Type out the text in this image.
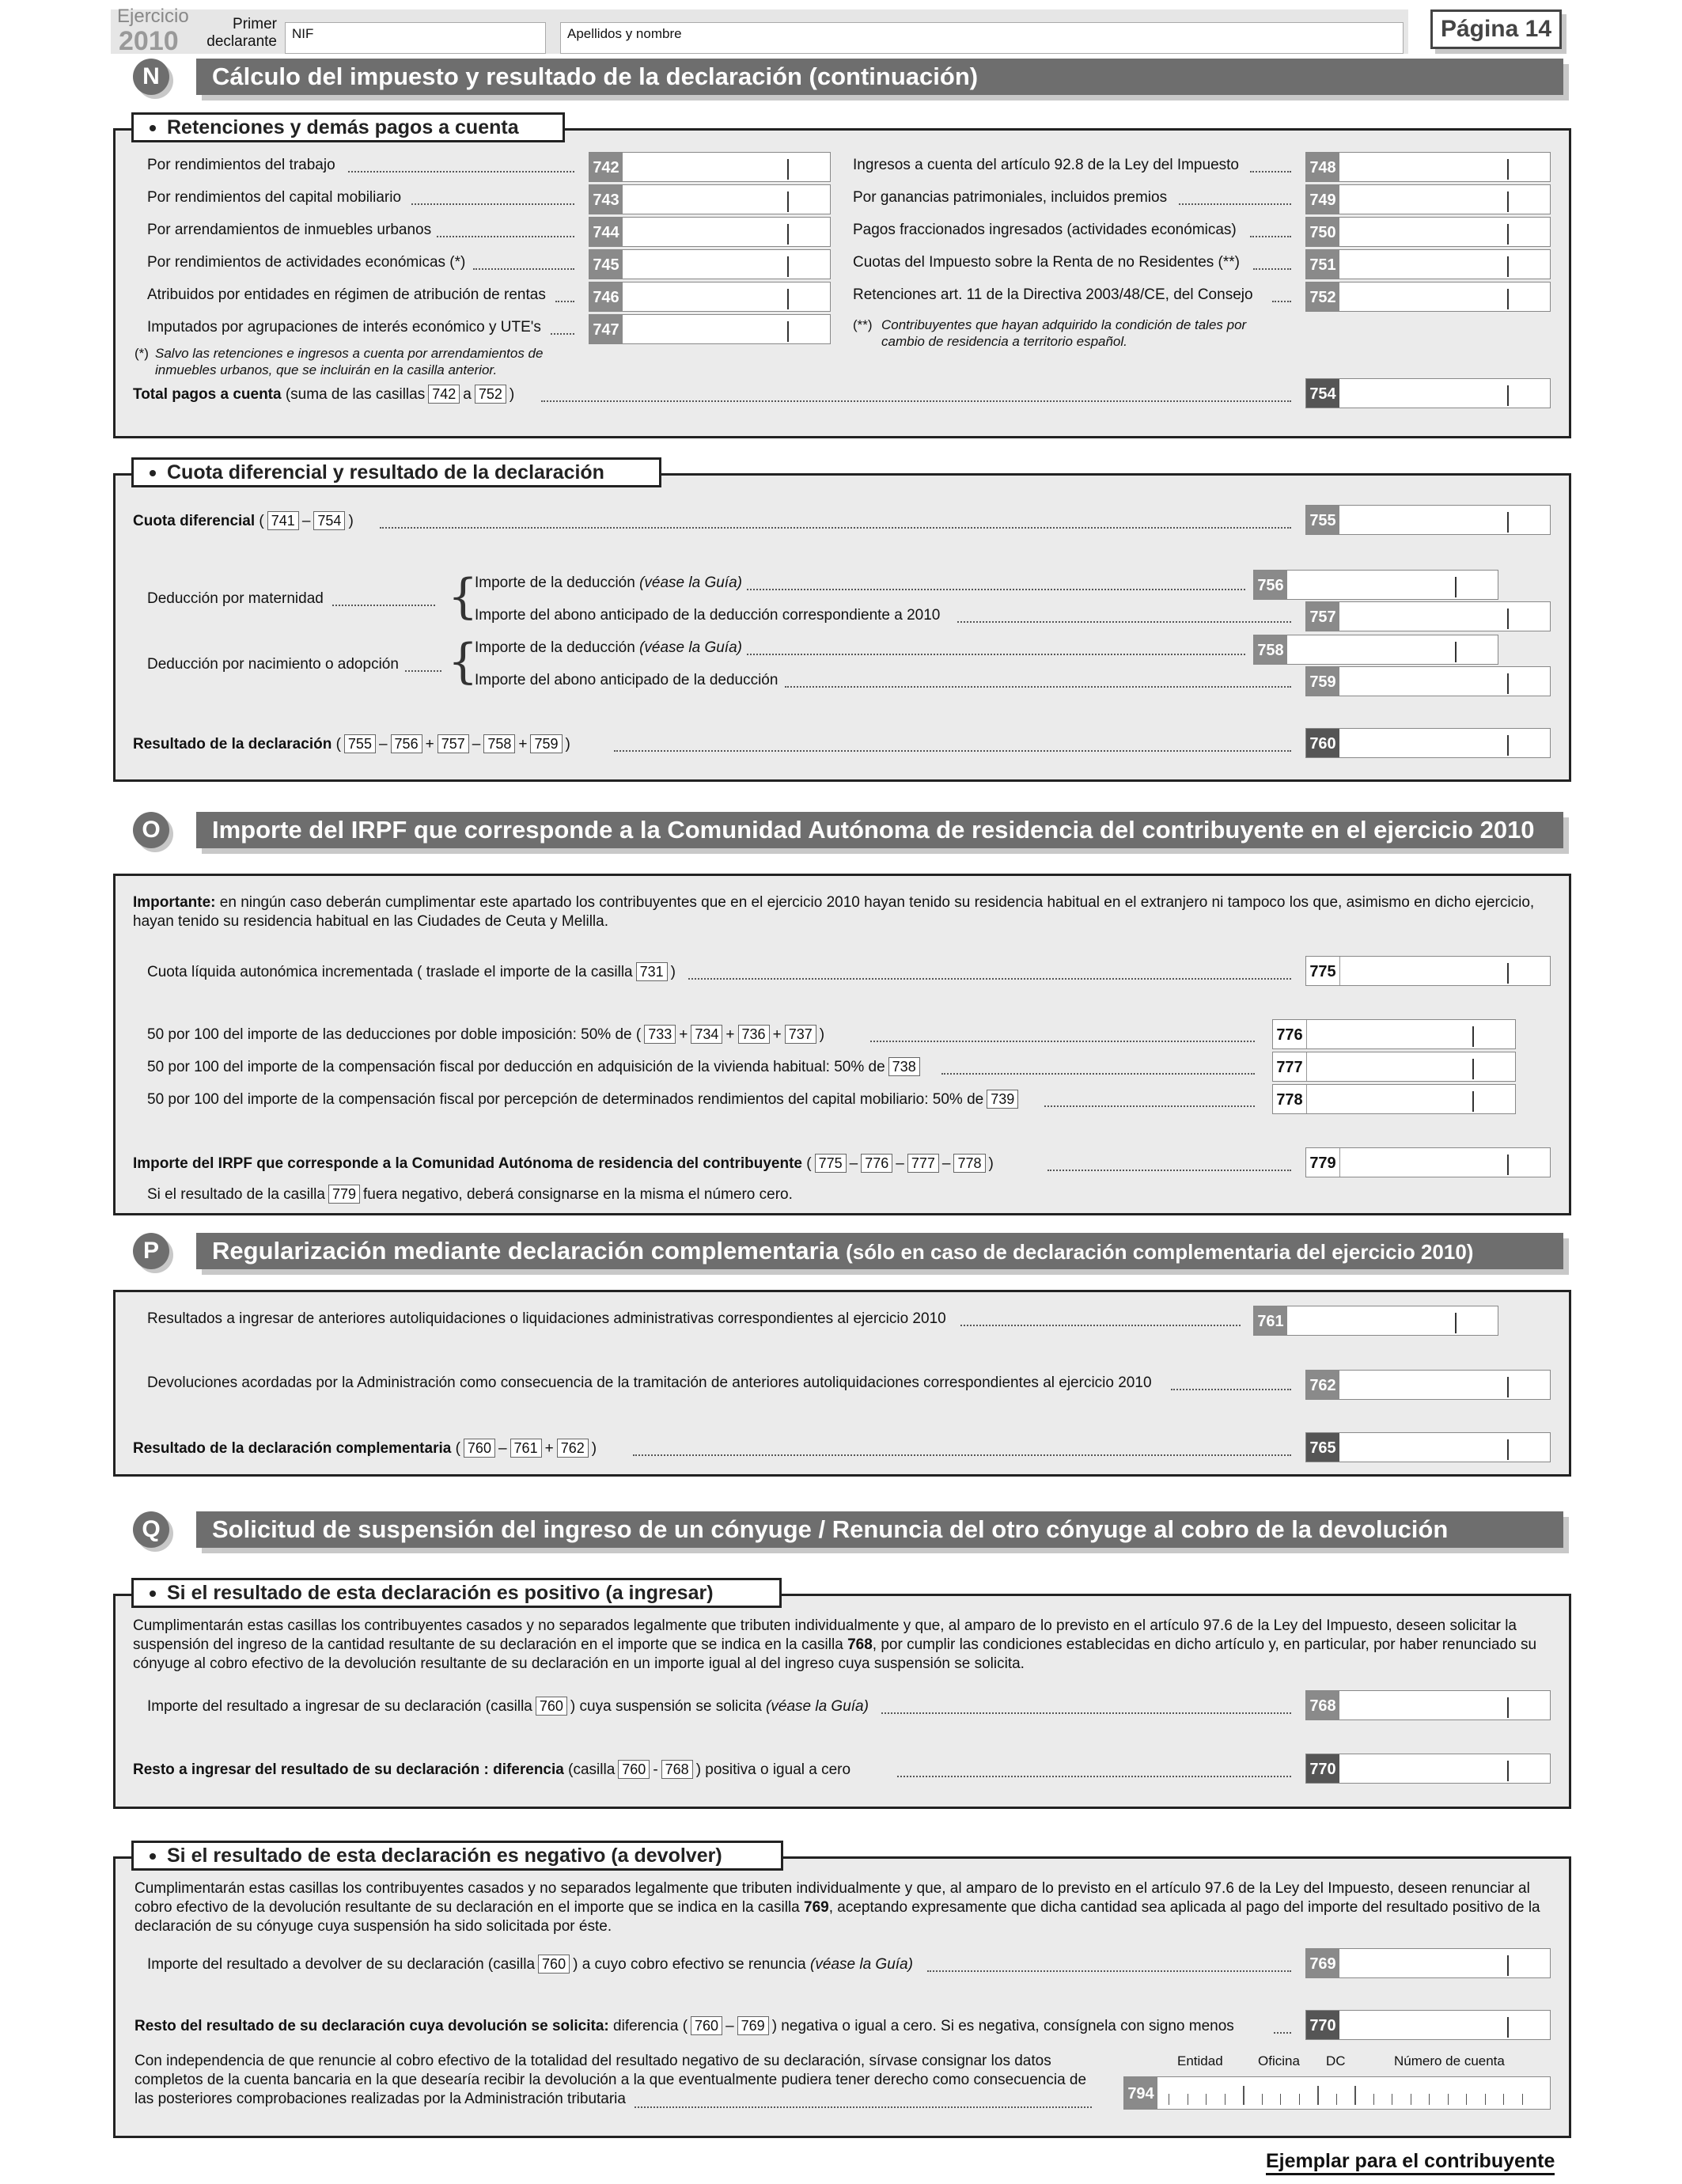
Ejercicio
2010
Primer declarante NIF	Apellidos y nombre	Página 14
N	Cálculo del impuesto y resultado de la declaración (continuación)
Retenciones y demás pagos a cuenta
Por rendimientos del trabajo	742
Por rendimientos del capital mobiliario	743
Por arrendamientos de inmuebles urbanos	744
Por rendimientos de actividades económicas (*)	745
Atribuidos por entidades en régimen de atribución de rentas	746
Imputados por agrupaciones de interés económico y UTE's	747
(*) Salvo las retenciones e ingresos a cuenta por arrendamientos de
inmuebles urbanos, que se incluirán en la casilla anterior.
Ingresos a cuenta del artículo 92.8 de la Ley del Impuesto	748
Por ganancias patrimoniales, incluidos premios	749
Pagos fraccionados ingresados (actividades económicas)	750
Cuotas del Impuesto sobre la Renta de no Residentes (**)	751
Retenciones art. 11 de la Directiva 2003/48/CE, del Consejo	752
(**) Contribuyentes que hayan adquirido la condición de tales por
cambio de residencia a territorio español.
Total pagos a cuenta (suma de las casillas 742 a 752 )	754
Cuota diferencial y resultado de la declaración
Cuota diferencial ( 741 – 754 )	755
Deducción por maternidad	{
Importe de la deducción (véase la Guía)	756
Importe del abono anticipado de la deducción correspondiente a 2010	757
Deducción por nacimiento o adopción {
Importe de la deducción (véase la Guía)	758
Importe del abono anticipado de la deducción	759
Resultado de la declaración ( 755 – 756 + 757 – 758 + 759 )	760
O	Importe del IRPF que corresponde a la Comunidad Autónoma de residencia del contribuyente en el ejercicio 2010
Importante: en ningún caso deberán cumplimentar este apartado los contribuyentes que en el ejercicio 2010 hayan tenido su residencia habitual en el extranjero ni tampoco los que, asimismo en dicho ejercicio,
hayan tenido su residencia habitual en las Ciudades de Ceuta y Melilla.
Cuota líquida autonómica incrementada ( traslade el importe de la casilla 731 )	775
50 por 100 del importe de las deducciones por doble imposición: 50% de ( 733 + 734 + 736 + 737 )	776
50 por 100 del importe de la compensación fiscal por deducción en adquisición de la vivienda habitual: 50% de 738	777
50 por 100 del importe de la compensación fiscal por percepción de determinados rendimientos del capital mobiliario: 50% de 739	778
Importe del IRPF que corresponde a la Comunidad Autónoma de residencia del contribuyente ( 775 – 776 – 777 – 778 )	779
Si el resultado de la casilla 779 fuera negativo, deberá consignarse en la misma el número cero.
P	Regularización mediante declaración complementaria (sólo en caso de declaración complementaria del ejercicio 2010)
Resultados a ingresar de anteriores autoliquidaciones o liquidaciones administrativas correspondientes al ejercicio 2010	761
Devoluciones acordadas por la Administración como consecuencia de la tramitación de anteriores autoliquidaciones correspondientes al ejercicio 2010	762
Resultado de la declaración complementaria ( 760 – 761 + 762 )	765
Q	Solicitud de suspensión del ingreso de un cónyuge / Renuncia del otro cónyuge al cobro de la devolución
Si el resultado de esta declaración es positivo (a ingresar)
Cumplimentarán estas casillas los contribuyentes casados y no separados legalmente que tributen individualmente y que, al amparo de lo previsto en el artículo 97.6 de la Ley del Impuesto, deseen solicitar la
suspensión del ingreso de la cantidad resultante de su declaración en el importe que se indica en la casilla 768, por cumplir las condiciones establecidas en dicho artículo y, en particular, por haber renunciado su
cónyuge al cobro efectivo de la devolución resultante de su declaración en un importe igual al del ingreso cuya suspensión se solicita.
Importe del resultado a ingresar de su declaración (casilla 760 ) cuya suspensión se solicita (véase la Guía)	768
Resto a ingresar del resultado de su declaración : diferencia (casilla 760 - 768 ) positiva o igual a cero	770
Si el resultado de esta declaración es negativo (a devolver)
Cumplimentarán estas casillas los contribuyentes casados y no separados legalmente que tributen individualmente y que, al amparo de lo previsto en el artículo 97.6 de la Ley del Impuesto, deseen renunciar al
cobro efectivo de la devolución resultante de su declaración en el importe que se indica en la casilla 769, aceptando expresamente que dicha cantidad sea aplicada al pago del importe del resultado positivo de la
declaración de su cónyuge cuya suspensión ha sido solicitada por éste.
Importe del resultado a devolver de su declaración (casilla 760 ) a cuyo cobro efectivo se renuncia (véase la Guía)	769
Resto del resultado de su declaración cuya devolución se solicita: diferencia ( 760 – 769 ) negativa o igual a cero. Si es negativa, consígnela con signo menos	770
Con independencia de que renuncie al cobro efectivo de la totalidad del resultado negativo de su declaración, sírvase consignar los datos
completos de la cuenta bancaria en la que desearía recibir la devolución a la que eventualmente pudiera tener derecho como consecuencia de
las posteriores comprobaciones realizadas por la Administración tributaria
Entidad	Oficina DC	Número de cuenta
794
Ejemplar para el contribuyente
